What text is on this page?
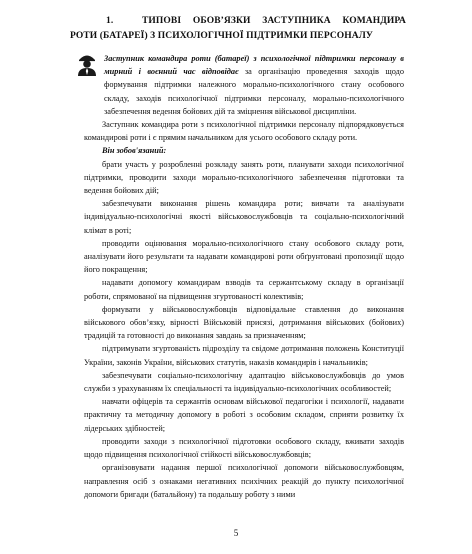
1.	ТИПОВІ ОБОВ’ЯЗКИ ЗАСТУПНИКА КОМАНДИРА РОТИ (БАТАРЕЇ) З ПСИХОЛОГІЧНОЇ ПІДТРИМКИ ПЕРСОНАЛУ

Заступник командира роти (батареї) з психологічної підтримки персоналу в мирний і воєнний час відповідає за організацію проведення заходів щодо формування підтримки належного морально-психологічного стану особового складу, заходів психологічної підтримки персоналу, морально-психологічного забезпечення ведення бойових дій та зміцнення військової дисципліни.

Заступник командира роти з психологічної підтримки персоналу підпорядковується командирові роти і є прямим начальником для усього особового складу роти.

Він зобов'язаний:

брати участь у розробленні розкладу занять роти, планувати заходи психологічної підтримки, проводити заходи морально-психологічного забезпечення підготовки та ведення бойових дій;

забезпечувати виконання рішень командира роти; вивчати та аналізувати індивідуально-психологічні якості військовослужбовців та соціально-психологічний клімат в роті;

проводити оцінювання морально-психологічного стану особового складу роти, аналізувати його результати та надавати командирові роти обґрунтовані пропозиції щодо його покращення;

надавати допомогу командирам взводів та сержантському складу в організації роботи, спрямованої на підвищення згуртованості колективів;

формувати у військовослужбовців відповідальне ставлення до виконання військового обов’язку, вірності Військовій присязі, дотримання військових (бойових) традицій та готовності до виконання завдань за призначенням;

підтримувати згуртованість підрозділу та свідоме дотримання положень Конституції України, законів України, військових статутів, наказів командирів і начальників;

забезпечувати соціально-психологічну адаптацію військовослужбовців до умов служби з урахуванням їх спеціальності та індивідуально-психологічних особливостей;

навчати офіцерів та сержантів основам військової педагогіки і психології, надавати практичну та методичну допомогу в роботі з особовим складом, сприяти розвитку їх лідерських здібностей;

проводити заходи з психологічної підготовки особового складу, вживати заходів щодо підвищення психологічної стійкості військовослужбовців;

організовувати надання першої психологічної допомоги військовослужбовцям, направлення осіб з ознаками негативних психічних реакцій до пункту психологічної допомоги бригади (батальйону) та подальшу роботу з ними

5
